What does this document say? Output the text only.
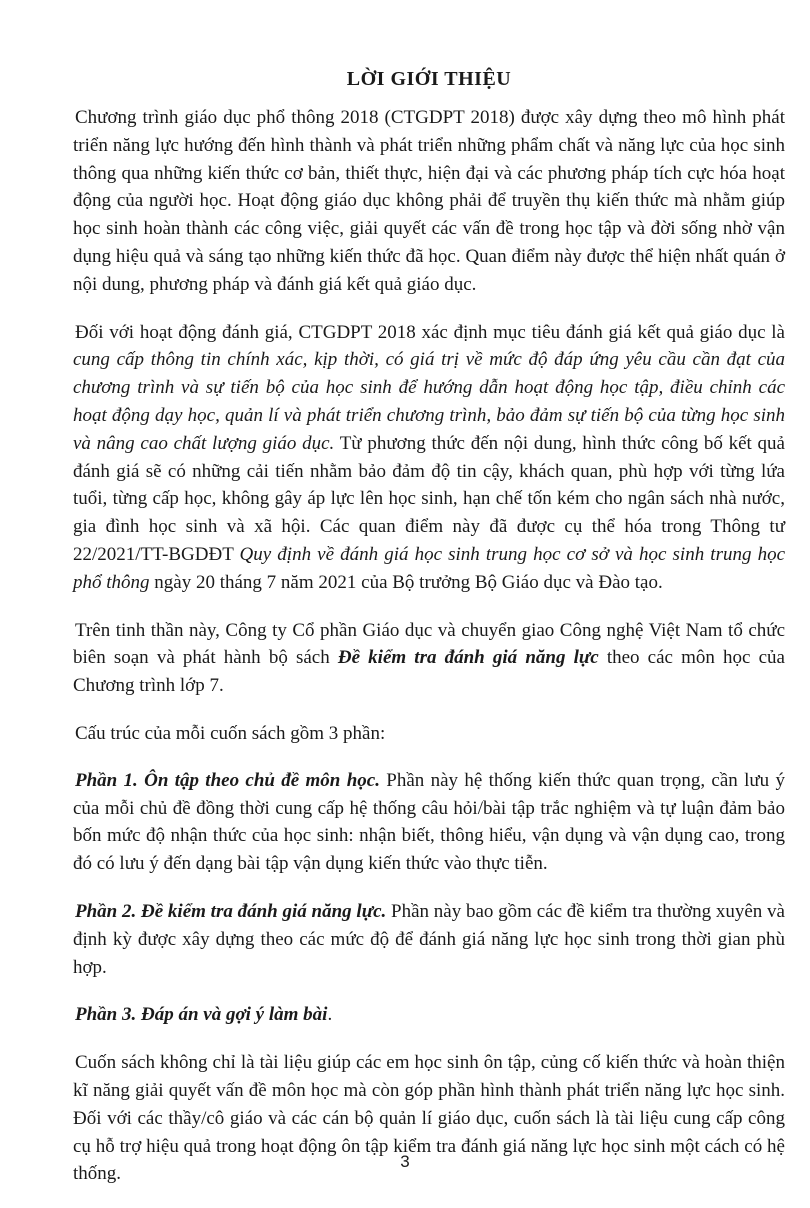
LỜI GIỚI THIỆU

Chương trình giáo dục phổ thông 2018 (CTGDPT 2018) được xây dựng theo mô hình phát triển năng lực hướng đến hình thành và phát triển những phẩm chất và năng lực của học sinh thông qua những kiến thức cơ bản, thiết thực, hiện đại và các phương pháp tích cực hóa hoạt động của người học. Hoạt động giáo dục không phải để truyền thụ kiến thức mà nhằm giúp học sinh hoàn thành các công việc, giải quyết các vấn đề trong học tập và đời sống nhờ vận dụng hiệu quả và sáng tạo những kiến thức đã học. Quan điểm này được thể hiện nhất quán ở nội dung, phương pháp và đánh giá kết quả giáo dục.

Đối với hoạt động đánh giá, CTGDPT 2018 xác định mục tiêu đánh giá kết quả giáo dục là cung cấp thông tin chính xác, kịp thời, có giá trị về mức độ đáp ứng yêu cầu cần đạt của chương trình và sự tiến bộ của học sinh để hướng dẫn hoạt động học tập, điều chỉnh các hoạt động dạy học, quản lí và phát triển chương trình, bảo đảm sự tiến bộ của từng học sinh và nâng cao chất lượng giáo dục. Từ phương thức đến nội dung, hình thức công bố kết quả đánh giá sẽ có những cải tiến nhằm bảo đảm độ tin cậy, khách quan, phù hợp với từng lứa tuổi, từng cấp học, không gây áp lực lên học sinh, hạn chế tốn kém cho ngân sách nhà nước, gia đình học sinh và xã hội. Các quan điểm này đã được cụ thể hóa trong Thông tư 22/2021/TT-BGDĐT Quy định về đánh giá học sinh trung học cơ sở và học sinh trung học phổ thông ngày 20 tháng 7 năm 2021 của Bộ trưởng Bộ Giáo dục và Đào tạo.

Trên tinh thần này, Công ty Cổ phần Giáo dục và chuyển giao Công nghệ Việt Nam tổ chức biên soạn và phát hành bộ sách Đề kiểm tra đánh giá năng lực theo các môn học của Chương trình lớp 7.

Cấu trúc của mỗi cuốn sách gồm 3 phần:

Phần 1. Ôn tập theo chủ đề môn học. Phần này hệ thống kiến thức quan trọng, cần lưu ý của mỗi chủ đề đồng thời cung cấp hệ thống câu hỏi/bài tập trắc nghiệm và tự luận đảm bảo bốn mức độ nhận thức của học sinh: nhận biết, thông hiểu, vận dụng và vận dụng cao, trong đó có lưu ý đến dạng bài tập vận dụng kiến thức vào thực tiễn.

Phần 2. Đề kiểm tra đánh giá năng lực. Phần này bao gồm các đề kiểm tra thường xuyên và định kỳ được xây dựng theo các mức độ để đánh giá năng lực học sinh trong thời gian phù hợp.

Phần 3. Đáp án và gợi ý làm bài.

Cuốn sách không chỉ là tài liệu giúp các em học sinh ôn tập, củng cố kiến thức và hoàn thiện kĩ năng giải quyết vấn đề môn học mà còn góp phần hình thành phát triển năng lực học sinh. Đối với các thầy/cô giáo và các cán bộ quản lí giáo dục, cuốn sách là tài liệu cung cấp công cụ hỗ trợ hiệu quả trong hoạt động ôn tập kiểm tra đánh giá năng lực học sinh một cách có hệ thống.

3
